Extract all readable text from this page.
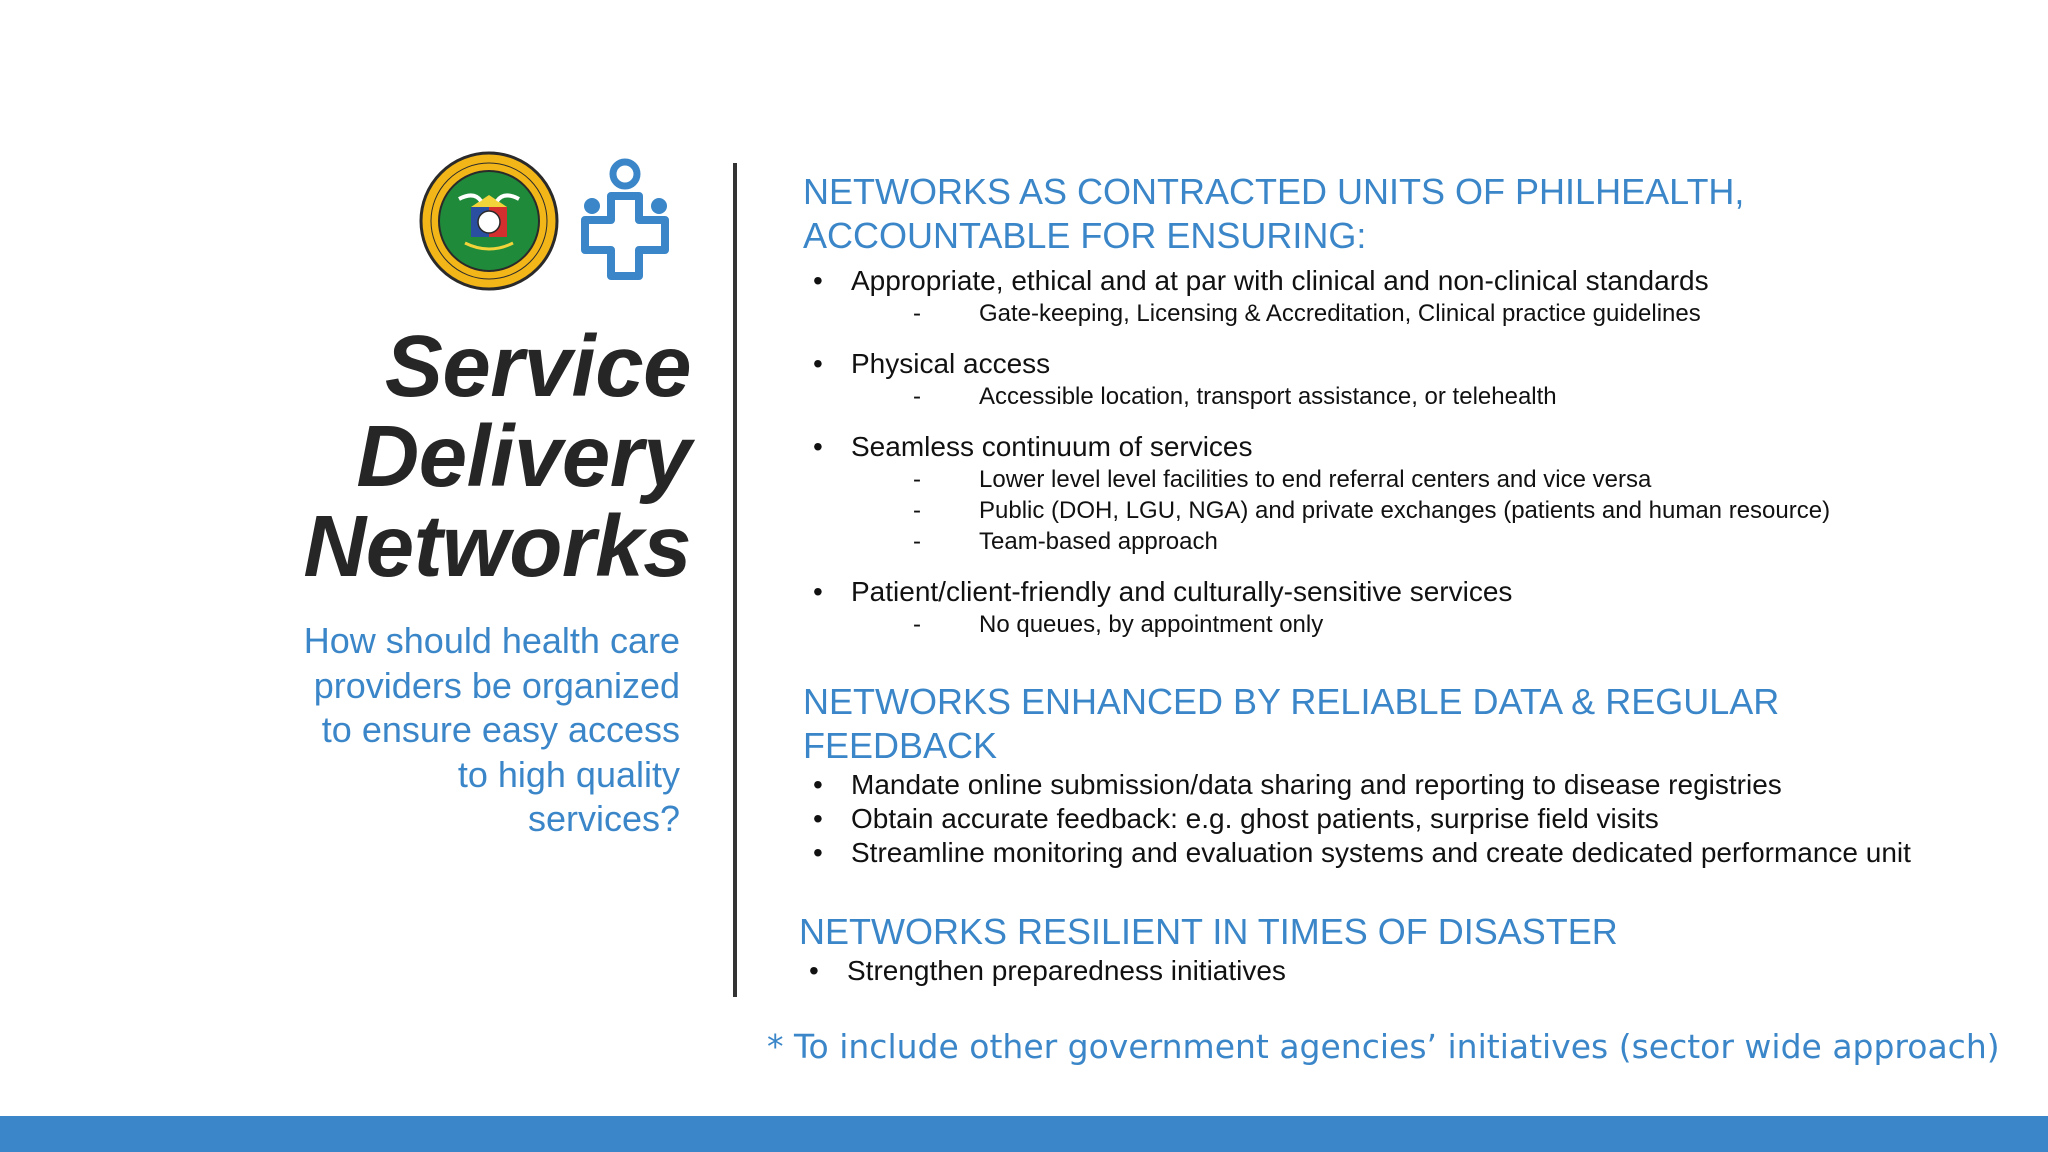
Service
Delivery
Networks
How should health care
providers be organized
to ensure easy access
to high quality
services?
NETWORKS AS CONTRACTED UNITS OF PHILHEALTH,
ACCOUNTABLE FOR ENSURING:
• Appropriate, ethical and at par with clinical and non-clinical standards
- Gate-keeping, Licensing & Accreditation, Clinical practice guidelines
• Physical access
- Accessible location, transport assistance, or telehealth
• Seamless continuum of services
- Lower level level facilities to end referral centers and vice versa
- Public (DOH, LGU, NGA) and private exchanges (patients and human resource)
- Team-based approach
• Patient/client-friendly and culturally-sensitive services
- No queues, by appointment only
NETWORKS ENHANCED BY RELIABLE DATA & REGULAR
FEEDBACK
• Mandate online submission/data sharing and reporting to disease registries
• Obtain accurate feedback: e.g. ghost patients, surprise field visits
• Streamline monitoring and evaluation systems and create dedicated performance unit
NETWORKS RESILIENT IN TIMES OF DISASTER
• Strengthen preparedness initiatives
* To include other government agencies’ initiatives (sector wide approach)
